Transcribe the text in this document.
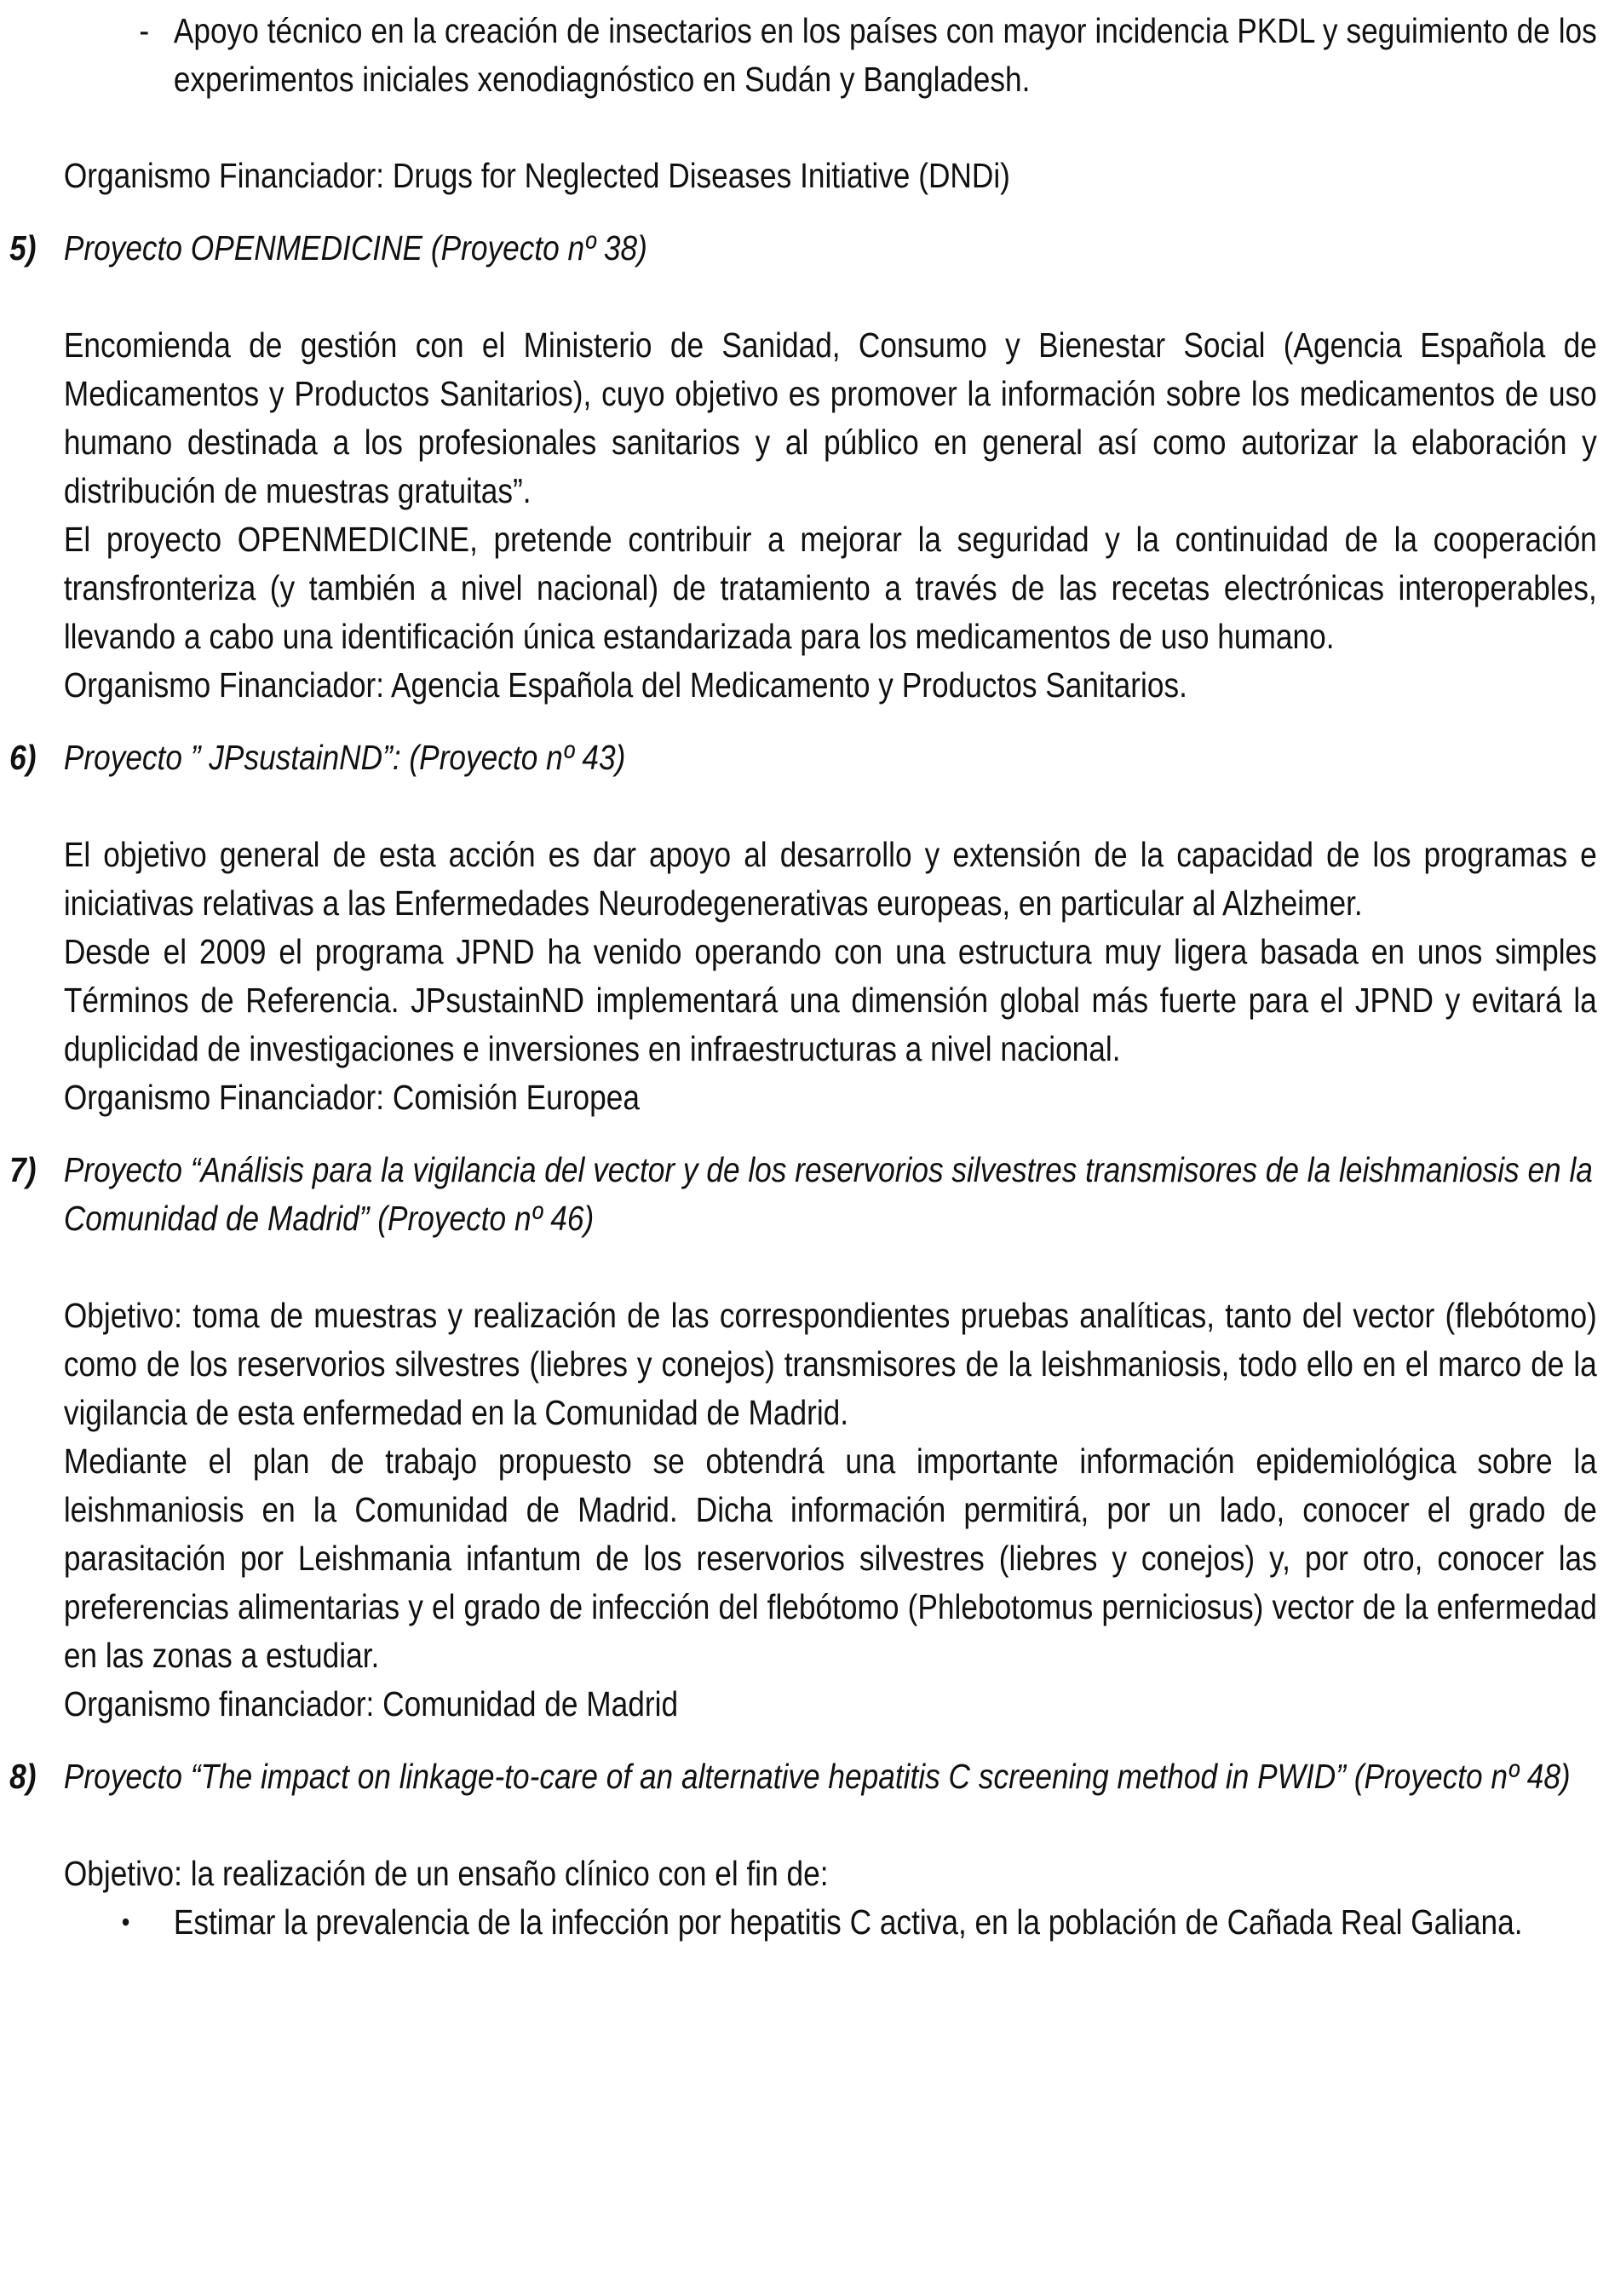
- Apoyo técnico en la creación de insectarios en los países con mayor incidencia PKDL y seguimiento de los experimentos iniciales xenodiagnóstico en Sudán y Bangladesh.
Organismo Financiador: Drugs for Neglected Diseases Initiative (DNDi)
5) Proyecto OPENMEDICINE (Proyecto nº 38)

Encomienda de gestión con el Ministerio de Sanidad, Consumo y Bienestar Social (Agencia Española de Medicamentos y Productos Sanitarios), cuyo objetivo es promover la información sobre los medicamentos de uso humano destinada a los profesionales sanitarios y al público en general así como autorizar la elaboración y distribución de muestras gratuitas”.

El proyecto OPENMEDICINE, pretende contribuir a mejorar la seguridad y la continuidad de la cooperación transfronteriza (y también a nivel nacional) de tratamiento a través de las recetas electrónicas interoperables, llevando a cabo una identificación única estandarizada para los medicamentos de uso humano.

Organismo Financiador: Agencia Española del Medicamento y Productos Sanitarios.

6) Proyecto ” JPsustainND”: (Proyecto nº 43)

El objetivo general de esta acción es dar apoyo al desarrollo y extensión de la capacidad de los programas e iniciativas relativas a las Enfermedades Neurodegenerativas europeas, en particular al Alzheimer.

Desde el 2009 el programa JPND ha venido operando con una estructura muy ligera basada en unos simples Términos de Referencia. JPsustainND implementará una dimensión global más fuerte para el JPND y evitará la duplicidad de investigaciones e inversiones en infraestructuras a nivel nacional.

Organismo Financiador: Comisión Europea

7) Proyecto “Análisis para la vigilancia del vector y de los reservorios silvestres transmisores de la leishmaniosis en la Comunidad de Madrid” (Proyecto nº 46)

Objetivo: toma de muestras y realización de las correspondientes pruebas analíticas, tanto del vector (flebótomo) como de los reservorios silvestres (liebres y conejos) transmisores de la leishmaniosis, todo ello en el marco de la vigilancia de esta enfermedad en la Comunidad de Madrid.

Mediante el plan de trabajo propuesto se obtendrá una importante información epidemiológica sobre la leishmaniosis en la Comunidad de Madrid. Dicha información permitirá, por un lado, conocer el grado de parasitación por Leishmania infantum de los reservorios silvestres (liebres y conejos) y, por otro, conocer las preferencias alimentarias y el grado de infección del flebótomo (Phlebotomus perniciosus) vector de la enfermedad en las zonas a estudiar.

Organismo financiador: Comunidad de Madrid

8) Proyecto “The impact on linkage-to-care of an alternative hepatitis C screening method in PWID” (Proyecto nº 48)

Objetivo: la realización de un ensaño clínico con el fin de:

• Estimar la prevalencia de la infección por hepatitis C activa, en la población de Cañada Real Galiana.
